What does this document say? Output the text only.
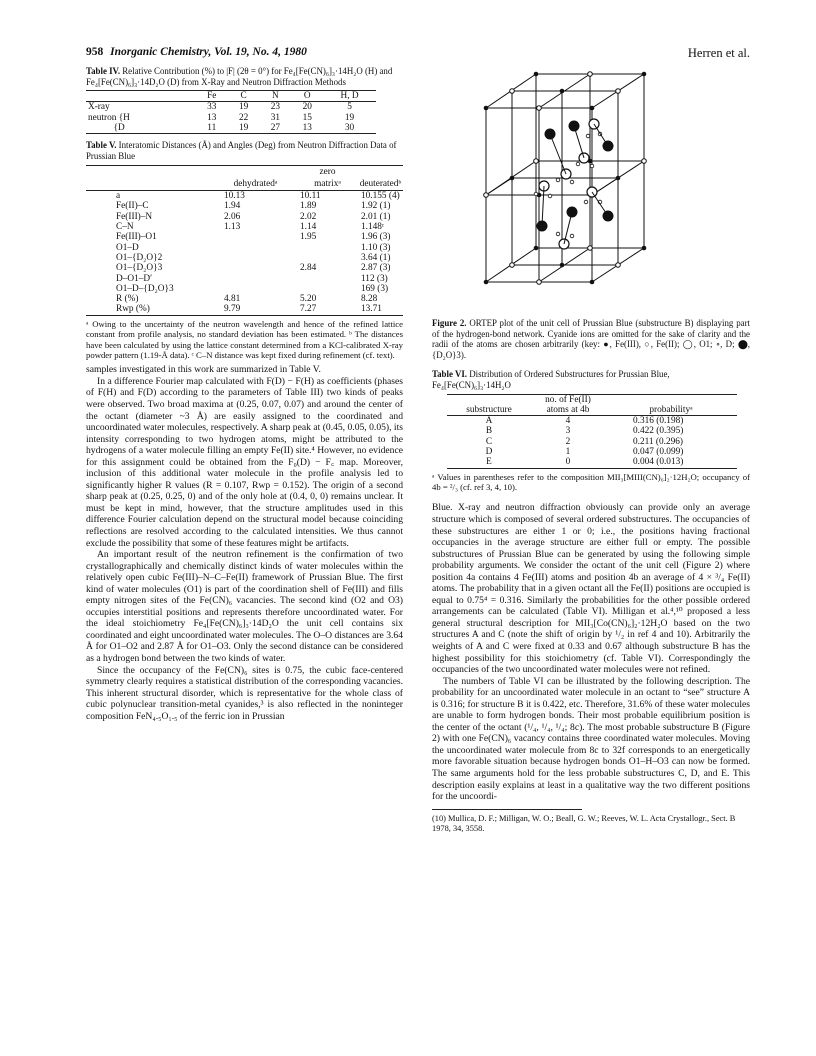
958 Inorganic Chemistry, Vol. 19, No. 4, 1980	Herren et al.
Table IV. Relative Contribution (%) to |F| (2θ = 0°) for Fe₄[Fe(CN)₆]₃·14H₂O (H) and Fe₄[Fe(CN)₆]₃·14D₂O (D) from X-Ray and Neutron Diffraction Methods
	Fe	C	N	O	H, D
X-ray	33	19	23	20	5
neutron {H	13	22	31	15	19
{D	11	19	27	13	30
Table V. Interatomic Distances (Å) and Angles (Deg) from Neutron Diffraction Data of Prussian Blue
		zero	
	dehydratedᵃ	matrixᵃ	deuteratedᵇ
a	10.13	10.11	10.155 (4)
Fe(II)–C	1.94	1.89	1.92 (1)
Fe(III)–N	2.06	2.02	2.01 (1)
C–N	1.13	1.14	1.148ᶜ
Fe(III)–O1		1.95	1.96 (3)
O1–D			1.10 (3)
O1–{D₂O}2			3.64 (1)
O1–{D₂O}3		2.84	2.87 (3)
D–O1–D′			112 (3)
O1–D–{D₂O}3			169 (3)
R (%)	4.81	5.20	8.28
Rwp (%)	9.79	7.27	13.71
ᵃ Owing to the uncertainty of the neutron wavelength and hence of the refined lattice constant from profile analysis, no standard deviation has been estimated. ᵇ The distances have been calculated by using the lattice constant determined from a KCl-calibrated X-ray powder pattern (1.19-Å data). ᶜ C–N distance was kept fixed during refinement (cf. text).

samples investigated in this work are summarized in Table V.

In a difference Fourier map calculated with F(D) − F(H) as coefficients (phases of F(H) and F(D) according to the parameters of Table III) two kinds of peaks were observed. Two broad maxima at (0.25, 0.07, 0.07) and around the center of the octant (diameter ~3 Å) are easily assigned to the coordinated and uncoordinated water molecules, respectively. A sharp peak at (0.45, 0.05, 0.05), its intensity corresponding to two hydrogen atoms, might be attributed to the hydrogens of a water molecule filling an empty Fe(II) site.⁴ However, no evidence for this assignment could be obtained from the F₀(D) − F꜀ map. Moreover, inclusion of this additional water molecule in the profile analysis led to significantly higher R values (R = 0.107, Rwp = 0.152). The origin of a second sharp peak at (0.25, 0.25, 0) and of the only hole at (0.4, 0, 0) remains unclear. It must be kept in mind, however, that the structure amplitudes used in this difference Fourier calculation depend on the structural model because coinciding reflections are resolved according to the calculated intensities. We thus cannot exclude the possibility that some of these features might be artifacts.

An important result of the neutron refinement is the confirmation of two crystallographically and chemically distinct kinds of water molecules within the relatively open cubic Fe(III)–N–C–Fe(II) framework of Prussian Blue. The first kind of water molecules (O1) is part of the coordination shell of Fe(III) and fills empty nitrogen sites of the Fe(CN)₆ vacancies. The second kind (O2 and O3) occupies interstitial positions and represents therefore uncoordinated water. For the ideal stoichiometry Fe₄[Fe(CN)₆]₃·14D₂O the unit cell contains six coordinated and eight uncoordinated water molecules. The O–O distances are 3.64 Å for O1–O2 and 2.87 Å for O1–O3. Only the second distance can be considered as a hydrogen bond between the two kinds of water.

Since the occupancy of the Fe(CN)₆ sites is 0.75, the cubic face-centered symmetry clearly requires a statistical distribution of the corresponding vacancies. This inherent structural disorder, which is representative for the whole class of cubic polynuclear transition-metal cyanides,³ is also reflected in the noninteger composition FeN₄.₅O₁.₅ of the ferric ion in Prussian

Figure 2. ORTEP plot of the unit cell of Prussian Blue (substructure B) displaying part of the hydrogen-bond network. Cyanide ions are omitted for the sake of clarity and the radii of the atoms are chosen arbitrarily (key: ●, Fe(III), ○, Fe(II); ◯, O1; ∘, D; ⬤, {D₂O}3).
Table VI. Distribution of Ordered Substructures for Prussian Blue, Fe₄[Fe(CN)₆]₃·14H₂O
	no. of Fe(II)	
substructure	atoms at 4b	probabilityᵃ
A	4	0.316 (0.198)
B	3	0.422 (0.395)
C	2	0.211 (0.296)
D	1	0.047 (0.099)
E	0	0.004 (0.013)
ᵃ Values in parentheses refer to the composition MII₃[MIII(CN)₆]₂·12H₂O; occupancy of 4b = ²/₃ (cf. ref 3, 4, 10).

Blue. X-ray and neutron diffraction obviously can provide only an average structure which is composed of several ordered substructures. The occupancies of these substructures are either 1 or 0; i.e., the positions having fractional occupancies in the average structure are either full or empty. The possible substructures of Prussian Blue can be generated by using the following simple probability arguments. We consider the octant of the unit cell (Figure 2) where position 4a contains 4 Fe(III) atoms and position 4b an average of 4 × ³/₄ Fe(II) atoms. The probability that in a given octant all the Fe(II) positions are occupied is equal to 0.75⁴ = 0.316. Similarly the probabilities for the other possible ordered arrangements can be calculated (Table VI). Milligan et al.⁴,¹⁰ proposed a less general structural description for MII₃[Co(CN)₆]₂·12H₂O based on the two structures A and C (note the shift of origin by ¹/₂ in ref 4 and 10). Arbitrarily the weights of A and C were fixed at 0.33 and 0.67 although substructure B has the highest possibility for this stoichiometry (cf. Table VI). Correspondingly the occupancies of the two uncoordinated water molecules were not refined.

The numbers of Table VI can be illustrated by the following description. The probability for an uncoordinated water molecule in an octant to “see” structure A is 0.316; for structure B it is 0.422, etc. Therefore, 31.6% of these water molecules are unable to form hydrogen bonds. Their most probable equilibrium position is the center of the octant (¹/₄, ¹/₄, ¹/₄; 8c). The most probable substructure B (Figure 2) with one Fe(CN)₆ vacancy contains three coordinated water molecules. Moving the uncoordinated water molecule from 8c to 32f corresponds to an energetically more favorable situation because hydrogen bonds O1–H–O3 can now be formed. The same arguments hold for the less probable substructures C, D, and E. This description easily explains at least in a qualitative way the two different positions for the uncoordi-

(10) Mullica, D. F.; Milligan, W. O.; Beall, G. W.; Reeves, W. L. Acta Crystallogr., Sect. B 1978, 34, 3558.
